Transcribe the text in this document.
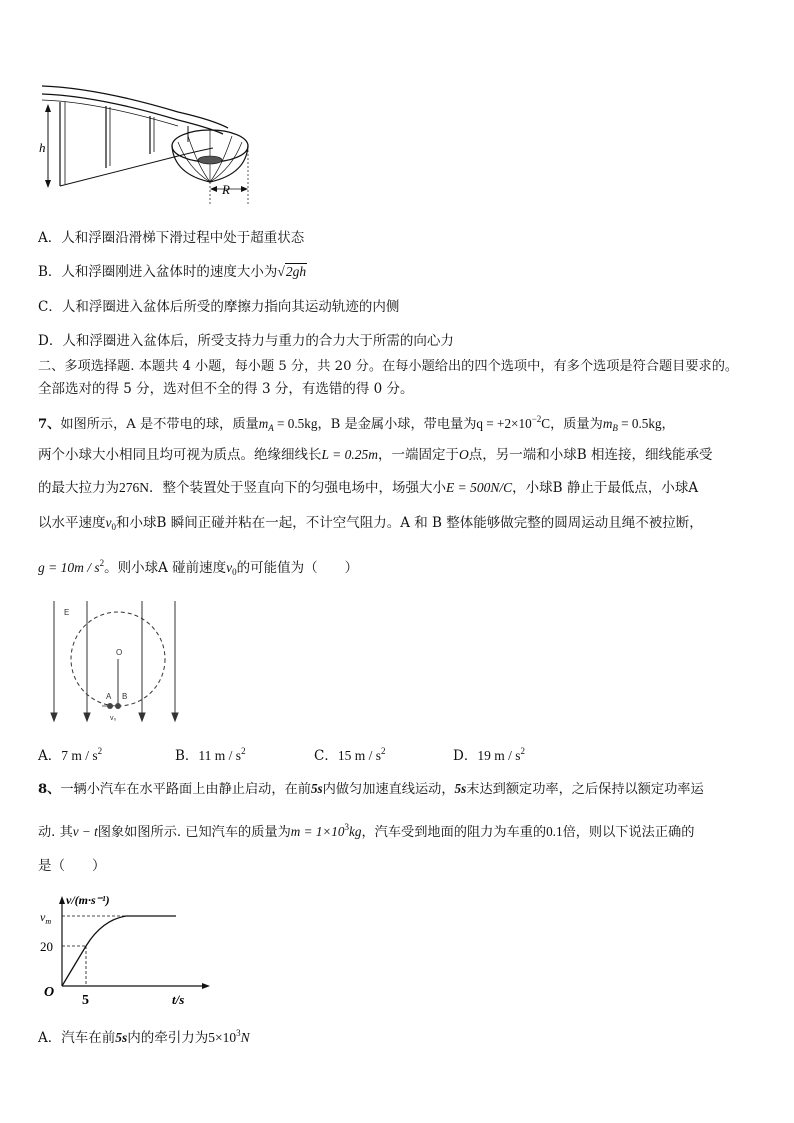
h
R
A．人和浮圈沿滑梯下滑过程中处于超重状态
B．人和浮圈刚进入盆体时的速度大小为√2gh
C．人和浮圈进入盆体后所受的摩擦力指向其运动轨迹的内侧
D．人和浮圈进入盆体后，所受支持力与重力的合力大于所需的向心力
二、多项选择题. 本题共 4 小题，每小题 5 分，共 20 分。在每小题给出的四个选项中，有多个选项是符合题目要求的。
全部选对的得 5 分，选对但不全的得 3 分，有选错的得 0 分。
7、如图所示，A 是不带电的球，质量$m_A = 0.5kg$，B 是金属小球，带电量为$q = +2\times 10^{-2}C$，质量为$m_B = 0.5kg$，
两个小球大小相同且均可视为质点。绝缘细线长L = 0.25m，一端固定于O点，另一端和小球B 相连接，细线能承受
的最大拉力为276N．整个装置处于竖直向下的匀强电场中，场强大小E = 500N/C，小球B 静止于最低点，小球A
以水平速度$v_0$和小球B 瞬间正碰并粘在一起，不计空气阻力。A 和 B 整体能够做完整的圆周运动且绳不被拉断，
$g = 10m / s^2$。则小球A 碰前速度$v_0$的可能值为（　　）
E
O
A B
v₀
A．7 m / $s^2$	B．11 m / $s^2$	C．15 m / $s^2$	D．19 m / $s^2$
8、一辆小汽车在水平路面上由静止启动，在前5s内做匀加速直线运动，5s末达到额定功率，之后保持以额定功率运
动. 其v − t图象如图所示. 已知汽车的质量为$m = 1\times 10^3kg$，汽车受到地面的阻力为车重的0.1倍，则以下说法正确的
是（　　）
v/(m·s⁻¹)
$v_m$
20
O
5	t/s
A．汽车在前5s内的牵引力为$5\times 10^3N$
